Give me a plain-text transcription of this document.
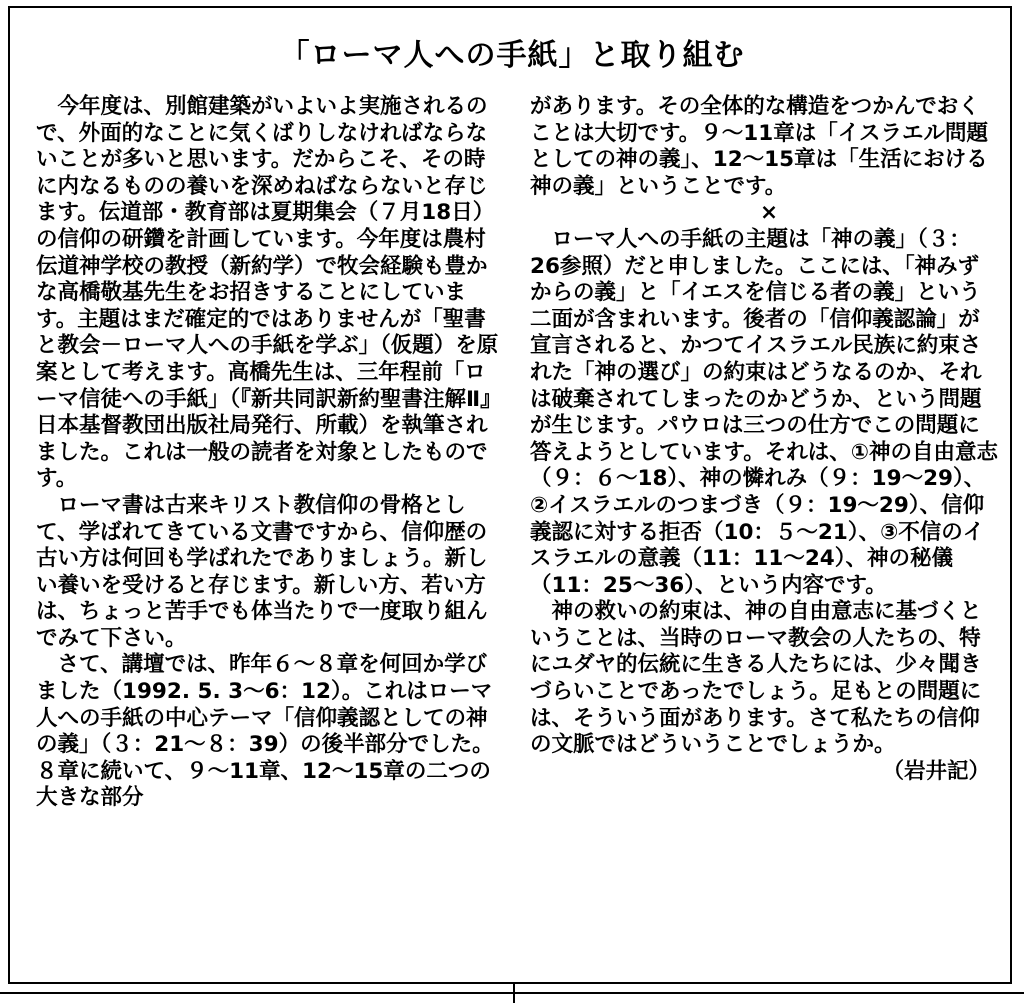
「ローマ人への手紙」と取り組む

　今年度は、別館建築がいよいよ実施されるので、外面的なことに気くばりしなければならないことが多いと思います。だからこそ、その時に内なるものの養いを深めねばならないと存じます。伝道部・教育部は夏期集会（７月18日）の信仰の研鑽を計画しています。今年度は農村伝道神学校の教授（新約学）で牧会経験も豊かな高橋敬基先生をお招きすることにしています。主題はまだ確定的ではありませんが「聖書と教会－ローマ人への手紙を学ぶ」（仮題）を原案として考えます。高橋先生は、三年程前「ローマ信徒への手紙」（『新共同訳新約聖書注解Ⅱ』日本基督教団出版社局発行、所載）を執筆されました。これは一般の読者を対象としたものです。

　ローマ書は古来キリスト教信仰の骨格として、学ばれてきている文書ですから、信仰歴の古い方は何回も学ばれたでありましょう。新しい養いを受けると存じます。新しい方、若い方は、ちょっと苦手でも体当たりで一度取り組んでみて下さい。

　さて、講壇では、昨年６～８章を何回か学びました（1992. 5. 3～6：12）。これはローマ人への手紙の中心テーマ「信仰義認としての神の義」（３：21～８：39）の後半部分でした。８章に続いて、９～11章、12～15章の二つの大きな部分

があります。その全体的な構造をつかんでおくことは大切です。９～11章は「イスラエル問題としての神の義」、12～15章は「生活における神の義」ということです。

×

　ローマ人への手紙の主題は「神の義」（３：26参照）だと申しました。ここには、「神みずからの義」と「イエスを信じる者の義」という二面が含まれいます。後者の「信仰義認論」が宣言されると、かつてイスラエル民族に約束された「神の選び」の約束はどうなるのか、それは破棄されてしまったのかどうか、という問題が生じます。パウロは三つの仕方でこの問題に答えようとしています。それは、①神の自由意志（９：６～18）、神の憐れみ（９：19～29）、②イスラエルのつまづき（９：19～29）、信仰義認に対する拒否（10：５～21）、③不信のイスラエルの意義（11：11～24）、神の秘儀（11：25～36）、という内容です。

　神の救いの約束は、神の自由意志に基づくということは、当時のローマ教会の人たちの、特にユダヤ的伝統に生きる人たちには、少々聞きづらいことであったでしょう。足もとの問題には、そういう面があります。さて私たちの信仰の文脈ではどういうことでしょうか。

（岩井記）
